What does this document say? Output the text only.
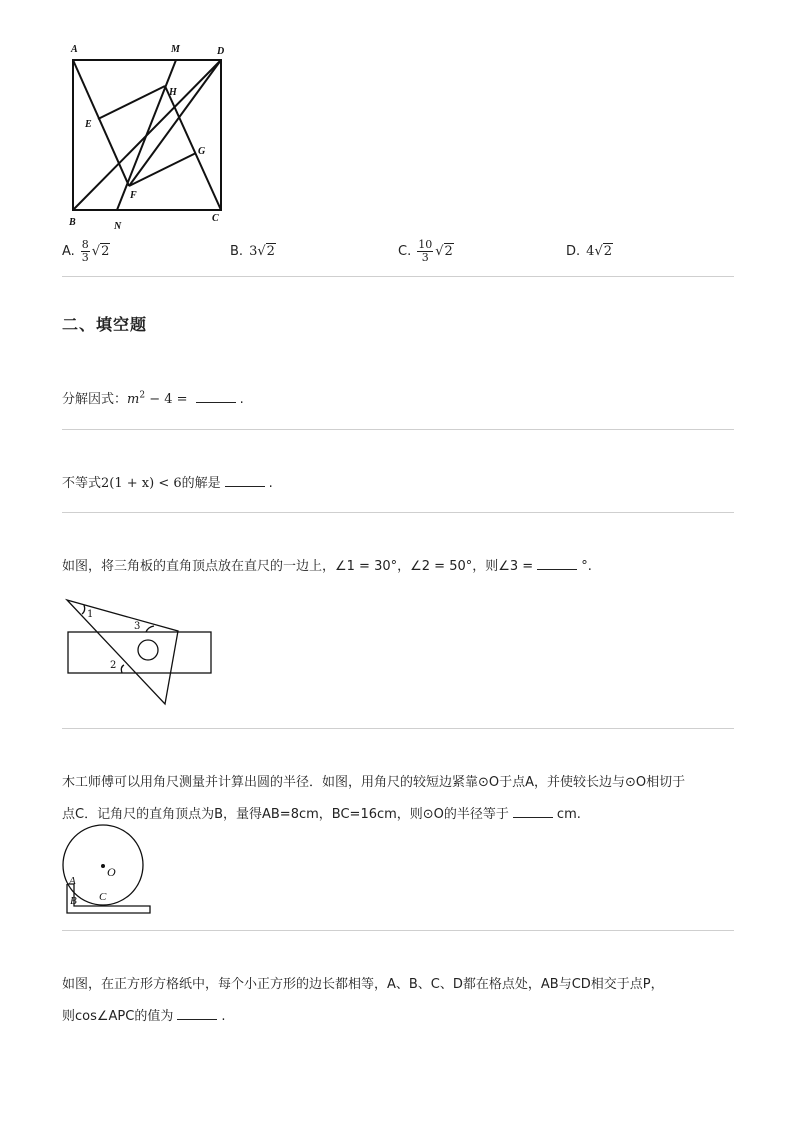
A	M	D
H
E
G
F
B	N
C
A. $\frac{8}{3} √2$	B. 3 √2	C. $\frac{10}{3} √2$	D. 4 √2
二、填空题
分解因式：$m^2 - 4$ =	.
不等式2(1 + x) < 6的解是	.
如图，将三角板的直角顶点放在直尺的一边上，∠1 = 30°，∠2 = 50°，则∠3 =	°.
1
2
3
木工师傅可以用角尺测量并计算出圆的半径．如图，用角尺的较短边紧靠⊙O于点A，并使较长边与⊙O相切于
点C．记角尺的直角顶点为B，量得AB=8cm，BC=16cm，则⊙O的半径等于	cm.
O
A
B C
如图，在正方形方格纸中，每个小正方形的边长都相等，A、B、C、D都在格点处，AB与CD相交于点P，
则cos∠APC的值为	.
